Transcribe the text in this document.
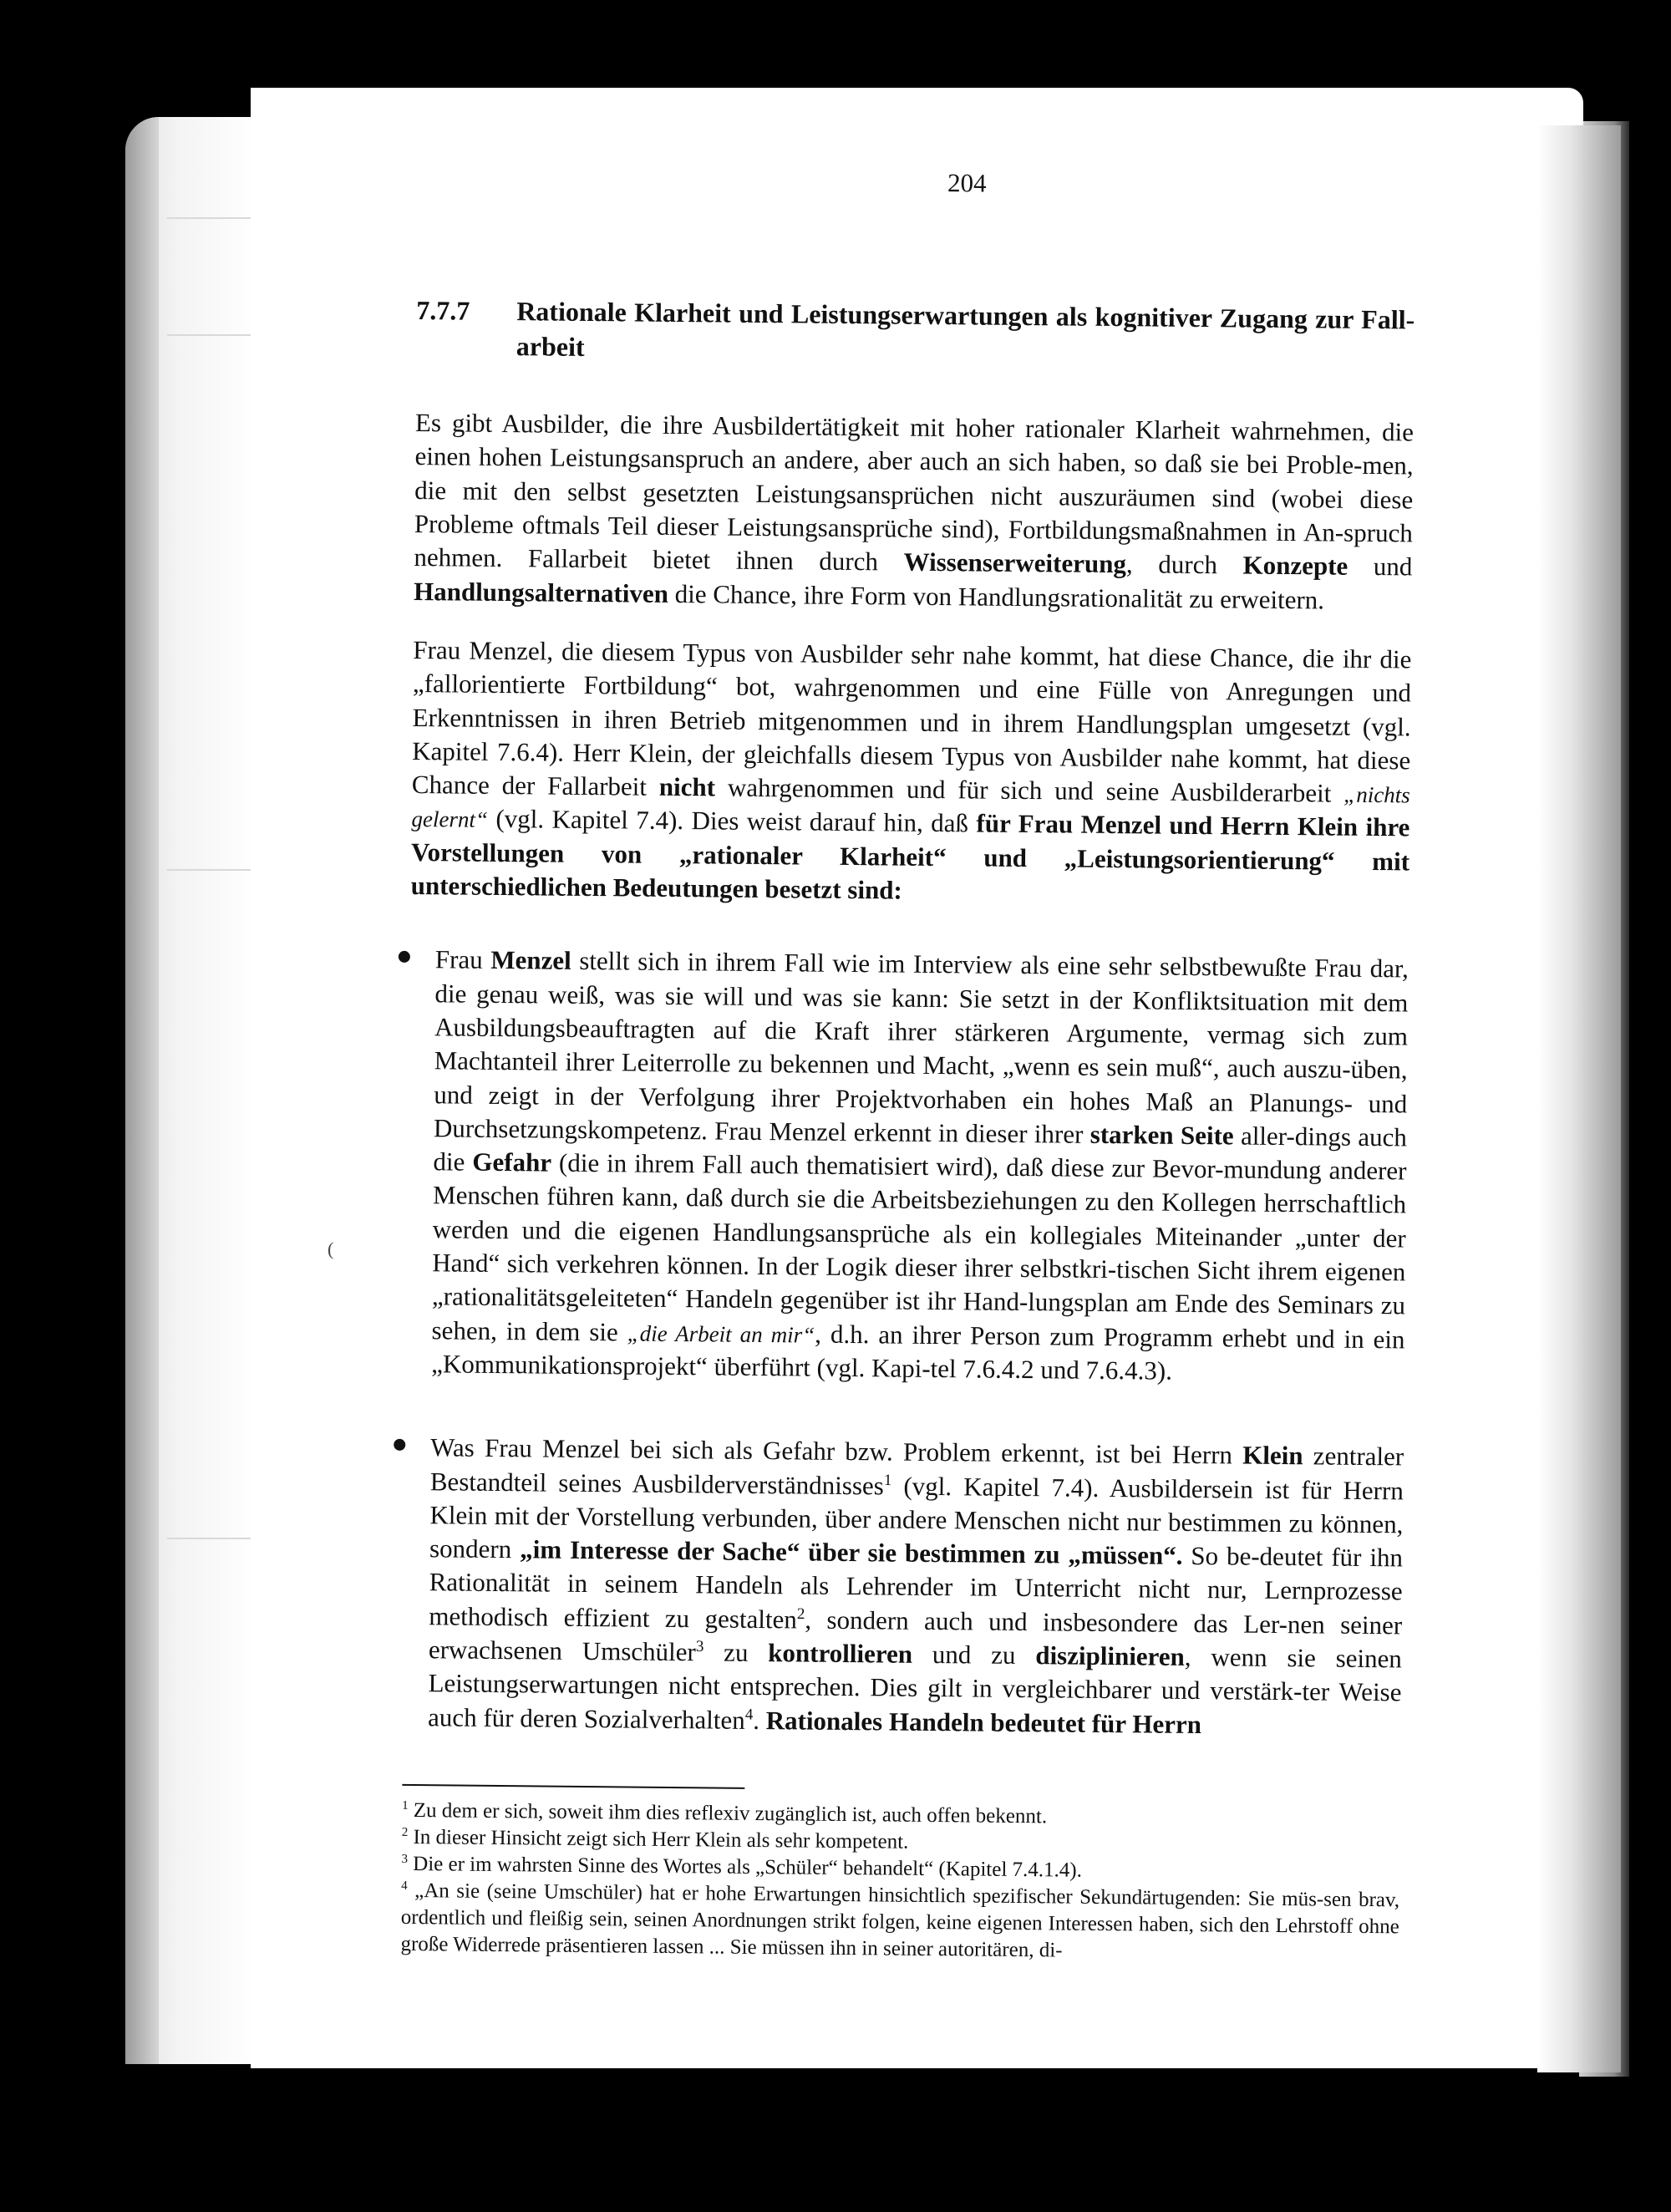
(
204
7.7.7	Rationale Klarheit und Leistungserwartungen als kognitiver Zugang zur Fall-arbeit

Es gibt Ausbilder, die ihre Ausbildertätigkeit mit hoher rationaler Klarheit wahrnehmen, die einen hohen Leistungsanspruch an andere, aber auch an sich haben, so daß sie bei Proble-men, die mit den selbst gesetzten Leistungsansprüchen nicht auszuräumen sind (wobei diese Probleme oftmals Teil dieser Leistungsansprüche sind), Fortbildungsmaßnahmen in An-spruch nehmen. Fallarbeit bietet ihnen durch Wissenserweiterung, durch Konzepte und Handlungsalternativen die Chance, ihre Form von Handlungsrationalität zu erweitern.

Frau Menzel, die diesem Typus von Ausbilder sehr nahe kommt, hat diese Chance, die ihr die „fallorientierte Fortbildung“ bot, wahrgenommen und eine Fülle von Anregungen und Erkenntnissen in ihren Betrieb mitgenommen und in ihrem Handlungsplan umgesetzt (vgl. Kapitel 7.6.4). Herr Klein, der gleichfalls diesem Typus von Ausbilder nahe kommt, hat diese Chance der Fallarbeit nicht wahrgenommen und für sich und seine Ausbilderarbeit „nichts gelernt“ (vgl. Kapitel 7.4). Dies weist darauf hin, daß für Frau Menzel und Herrn Klein ihre Vorstellungen von „rationaler Klarheit“ und „Leistungsorientierung“ mit unterschiedlichen Bedeutungen besetzt sind:

Frau Menzel stellt sich in ihrem Fall wie im Interview als eine sehr selbstbewußte Frau dar, die genau weiß, was sie will und was sie kann: Sie setzt in der Konfliktsituation mit dem Ausbildungsbeauftragten auf die Kraft ihrer stärkeren Argumente, vermag sich zum Machtanteil ihrer Leiterrolle zu bekennen und Macht, „wenn es sein muß“, auch auszu-üben, und zeigt in der Verfolgung ihrer Projektvorhaben ein hohes Maß an Planungs- und Durchsetzungskompetenz. Frau Menzel erkennt in dieser ihrer starken Seite aller-dings auch die Gefahr (die in ihrem Fall auch thematisiert wird), daß diese zur Bevor-mundung anderer Menschen führen kann, daß durch sie die Arbeitsbeziehungen zu den Kollegen herrschaftlich werden und die eigenen Handlungsansprüche als ein kollegiales Miteinander „unter der Hand“ sich verkehren können. In der Logik dieser ihrer selbstkri-tischen Sicht ihrem eigenen „rationalitätsgeleiteten“ Handeln gegenüber ist ihr Hand-lungsplan am Ende des Seminars zu sehen, in dem sie „die Arbeit an mir“, d.h. an ihrer Person zum Programm erhebt und in ein „Kommunikationsprojekt“ überführt (vgl. Kapi-tel 7.6.4.2 und 7.6.4.3).

Was Frau Menzel bei sich als Gefahr bzw. Problem erkennt, ist bei Herrn Klein zentraler Bestandteil seines Ausbilderverständnisses$^1$ (vgl. Kapitel 7.4). Ausbildersein ist für Herrn Klein mit der Vorstellung verbunden, über andere Menschen nicht nur bestimmen zu können, sondern „im Interesse der Sache“ über sie bestimmen zu „müssen“. So be-deutet für ihn Rationalität in seinem Handeln als Lehrender im Unterricht nicht nur, Lernprozesse methodisch effizient zu gestalten$^2$, sondern auch und insbesondere das Ler-nen seiner erwachsenen Umschüler$^3$ zu kontrollieren und zu disziplinieren, wenn sie seinen Leistungserwartungen nicht entsprechen. Dies gilt in vergleichbarer und verstärk-ter Weise auch für deren Sozialverhalten$^4$. Rationales Handeln bedeutet für Herrn

$^1$ Zu dem er sich, soweit ihm dies reflexiv zugänglich ist, auch offen bekennt.

$^2$ In dieser Hinsicht zeigt sich Herr Klein als sehr kompetent.

$^3$ Die er im wahrsten Sinne des Wortes als „Schüler“ behandelt“ (Kapitel 7.4.1.4).

$^4$ „An sie (seine Umschüler) hat er hohe Erwartungen hinsichtlich spezifischer Sekundärtugenden: Sie müs-sen brav, ordentlich und fleißig sein, seinen Anordnungen strikt folgen, keine eigenen Interessen haben, sich den Lehrstoff ohne große Widerrede präsentieren lassen ... Sie müssen ihn in seiner autoritären, di-
